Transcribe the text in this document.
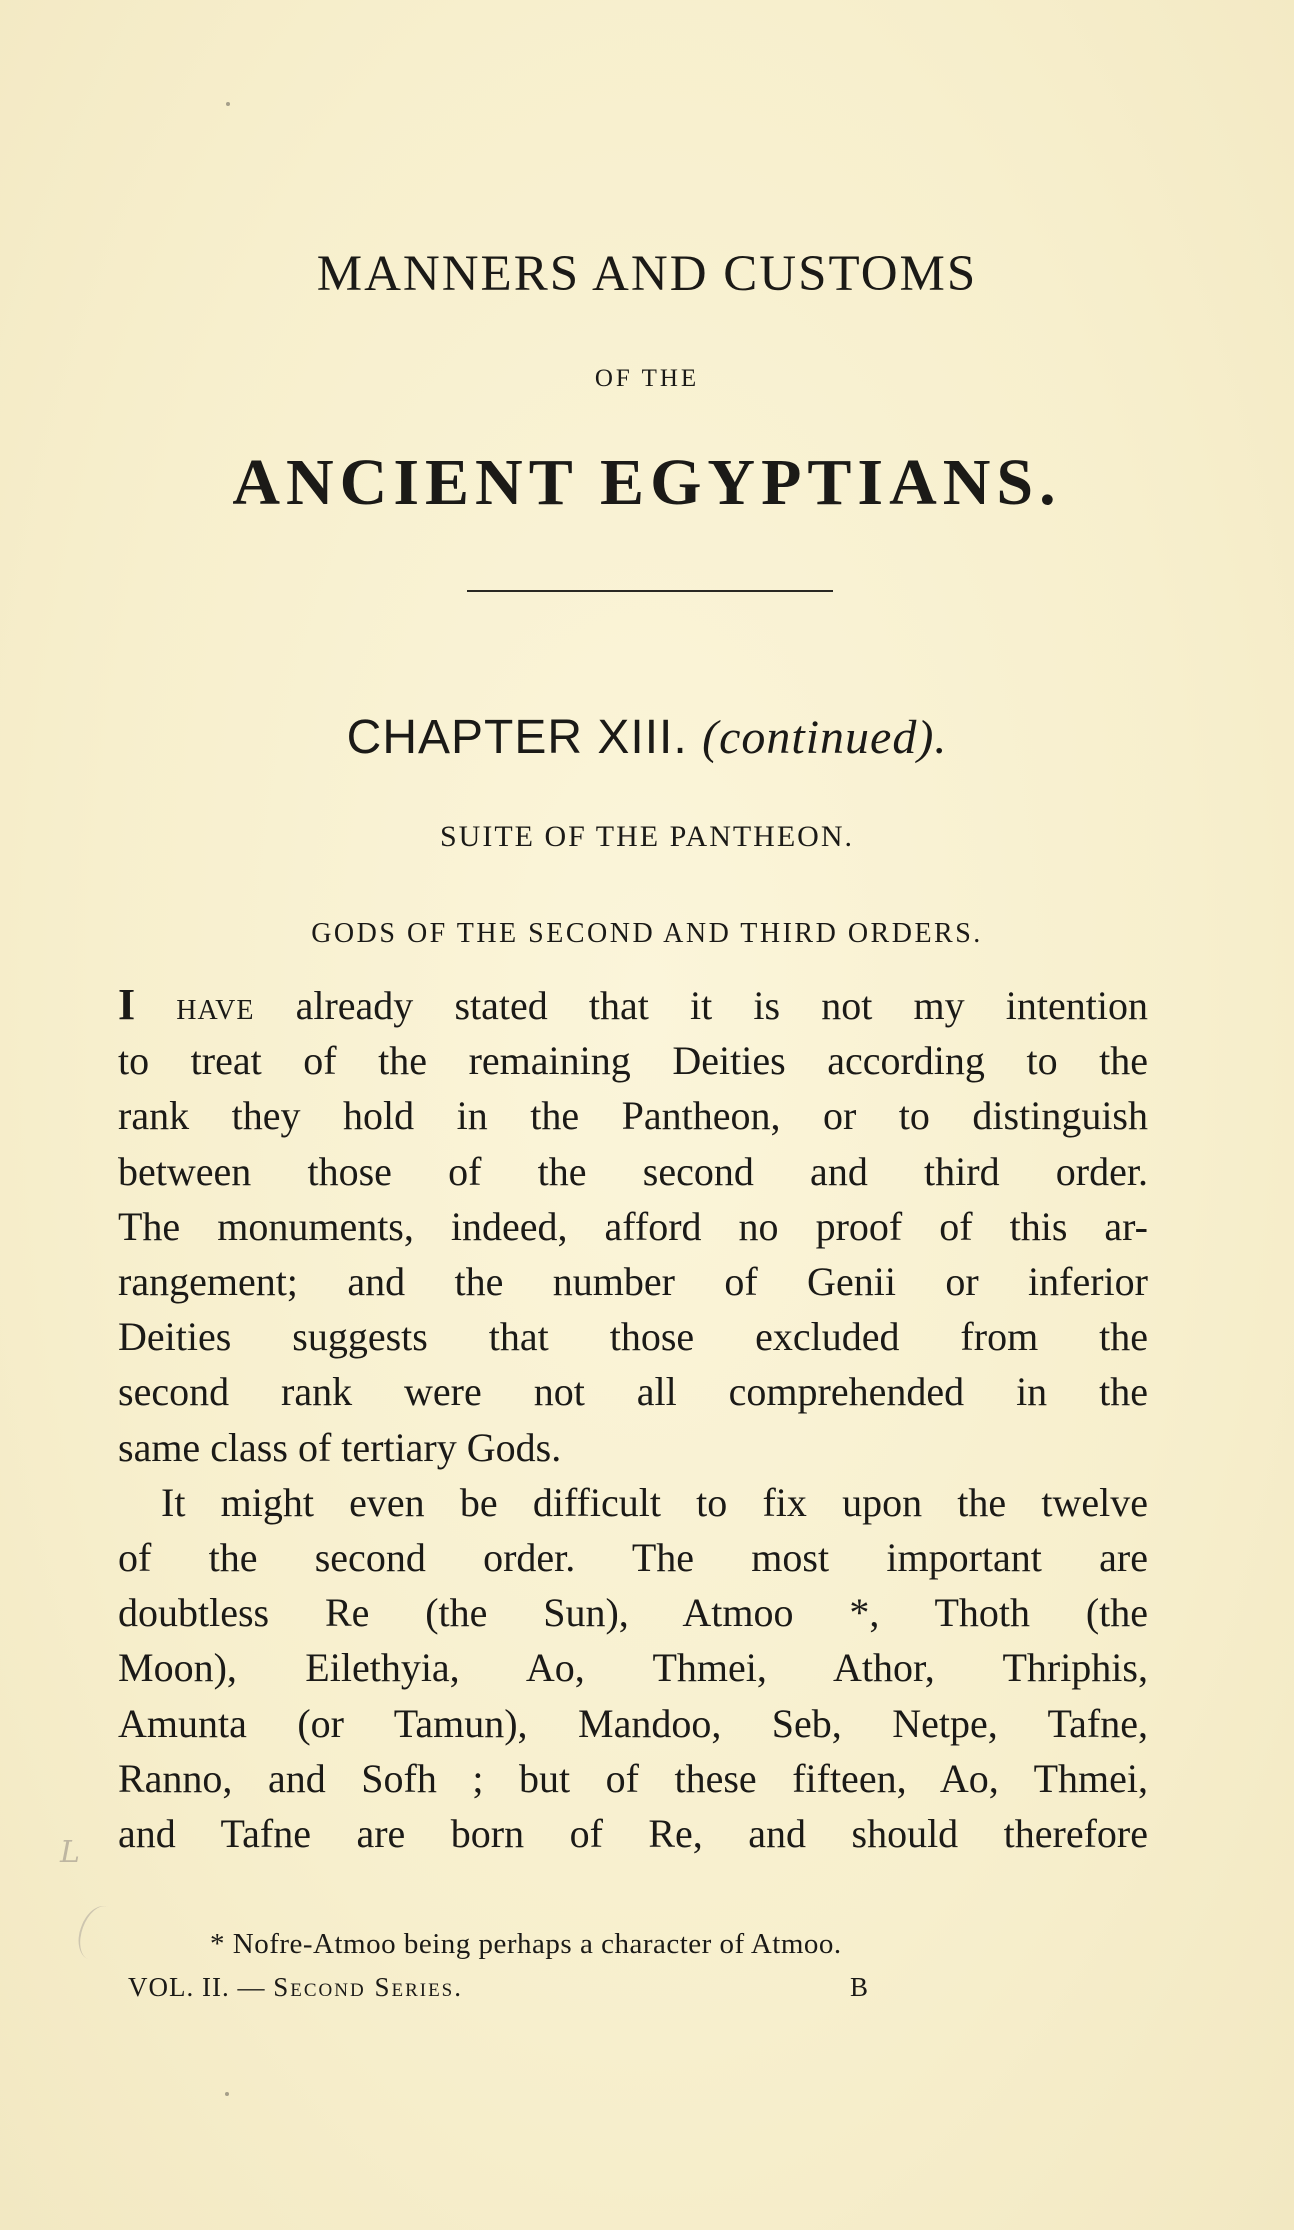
MANNERS AND CUSTOMS
OF THE
ANCIENT EGYPTIANS.
CHAPTER XIII. (continued).
SUITE OF THE PANTHEON.
GODS OF THE SECOND AND THIRD ORDERS.
I have already stated that it is not my intention
to treat of the remaining Deities according to the
rank they hold in the Pantheon, or to distinguish
between those of the second and third order.
The monuments, indeed, afford no proof of this ar-
rangement; and the number of Genii or inferior
Deities suggests that those excluded from the
second rank were not all comprehended in the
same class of tertiary Gods.
It might even be difficult to fix upon the twelve
of the second order. The most important are
doubtless Re (the Sun), Atmoo *, Thoth (the
Moon), Eilethyia, Ao, Thmei, Athor, Thriphis,
Amunta (or Tamun), Mandoo, Seb, Netpe, Tafne,
Ranno, and Sofh ; but of these fifteen, Ao, Thmei,
and Tafne are born of Re, and should therefore
L
* Nofre-Atmoo being perhaps a character of Atmoo.
VOL. II. — Second Series.	B
